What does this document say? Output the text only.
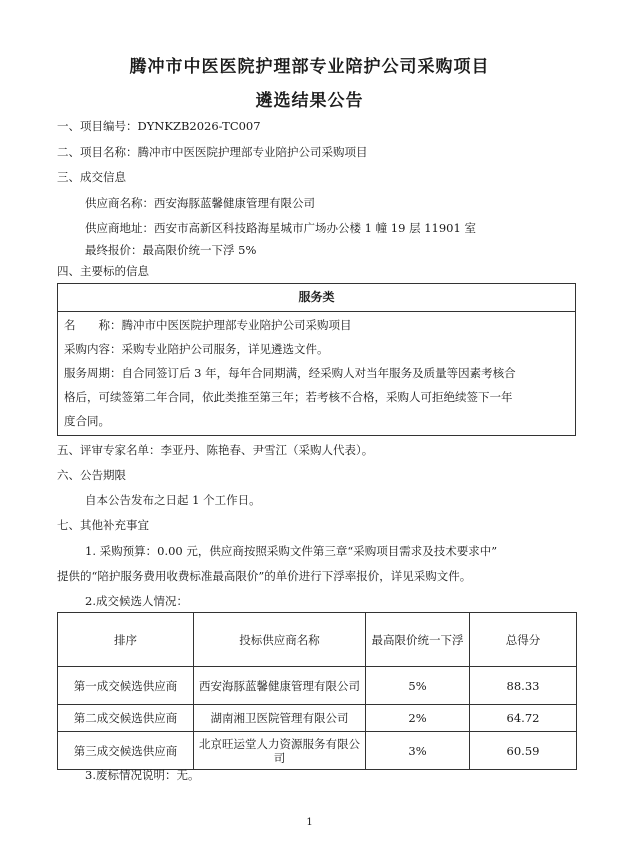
腾冲市中医医院护理部专业陪护公司采购项目
遴选结果公告
一、项目编号：DYNKZB2026-TC007
二、项目名称：腾冲市中医医院护理部专业陪护公司采购项目
三、成交信息
供应商名称：西安海豚蓝馨健康管理有限公司
供应商地址：西安市高新区科技路海星城市广场办公楼 1 幢 19 层 11901 室
最终报价：最高限价统一下浮 5%
四、主要标的信息
服务类
名　　称：腾冲市中医医院护理部专业陪护公司采购项目
采购内容：采购专业陪护公司服务，详见遴选文件。
服务周期：自合同签订后 3 年，每年合同期满，经采购人对当年服务及质量等因素考核合
格后，可续签第二年合同，依此类推至第三年；若考核不合格，采购人可拒绝续签下一年
度合同。
五、评审专家名单：李亚丹、陈艳春、尹雪江（采购人代表）。
六、公告期限
自本公告发布之日起 1 个工作日。
七、其他补充事宜
1. 采购预算：0.00 元，供应商按照采购文件第三章“采购项目需求及技术要求中”
提供的“陪护服务费用收费标准最高限价”的单价进行下浮率报价，详见采购文件。
2.成交候选人情况：
排序	投标供应商名称	最高限价统一下浮	总得分
第一成交候选供应商	西安海豚蓝馨健康管理有限公司	5%	88.33
第二成交候选供应商	湖南湘卫医院管理有限公司	2%	64.72
第三成交候选供应商	北京旺运堂人力资源服务有限公司	3%	60.59
3.废标情况说明：无。
1
